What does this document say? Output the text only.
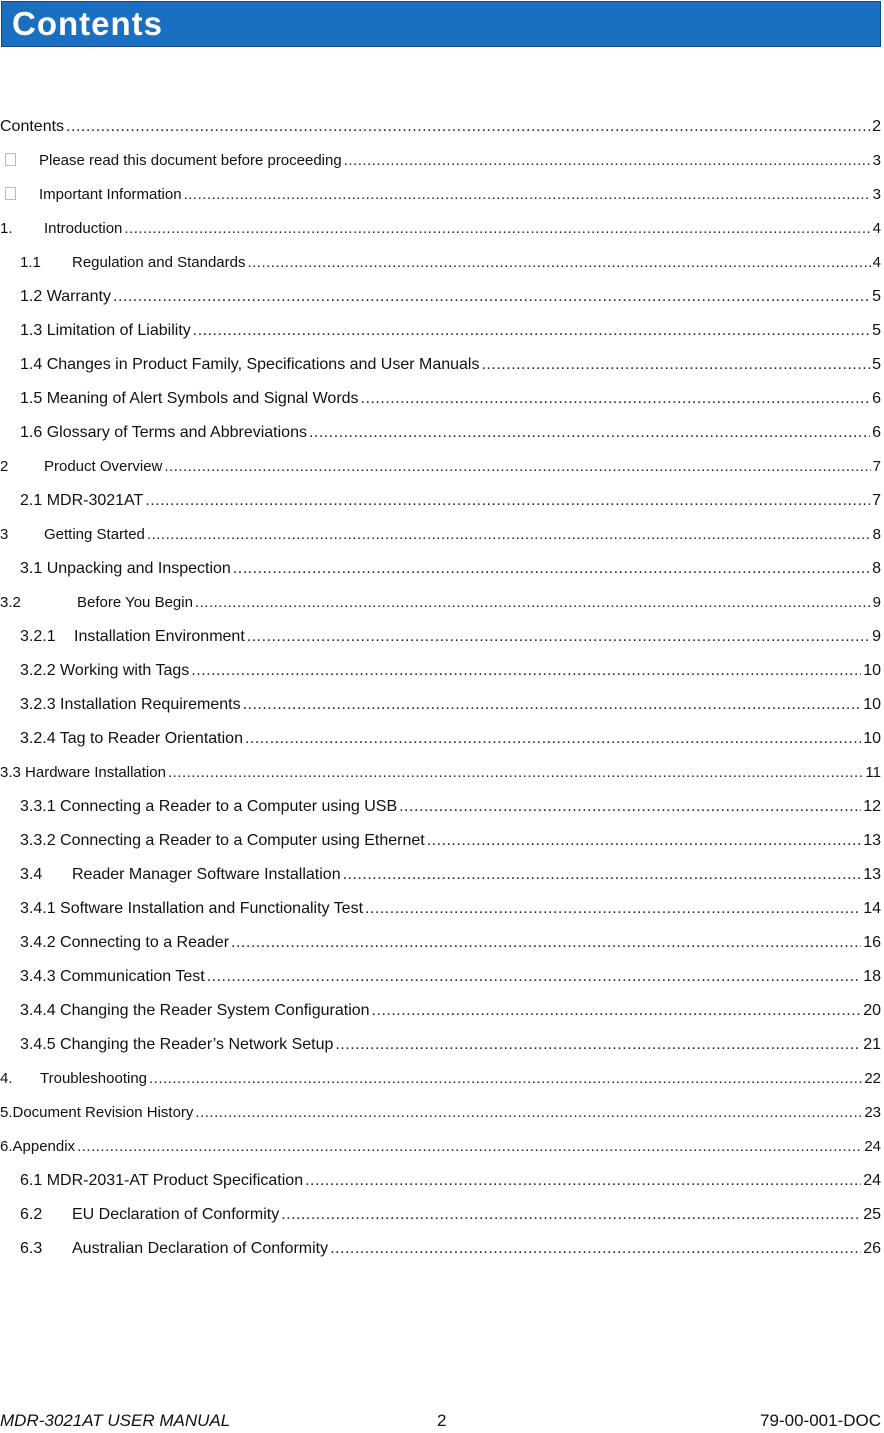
Contents
Contents .....	2
Please read this document before proceeding .....	3
Important Information .....	3
1.	Introduction .....	4
1.1	Regulation and Standards .....	4
1.2 Warranty .....	5
1.3 Limitation of Liability .....	5
1.4 Changes in Product Family, Specifications and User Manuals .....	5
1.5 Meaning of Alert Symbols and Signal Words .....	6
1.6 Glossary of Terms and Abbreviations .....	6
2	Product Overview .....	7
2.1 MDR-3021AT .....	7
3	Getting Started .....	8
3.1 Unpacking and Inspection .....	8
3.2	Before You Begin .....	9
3.2.1	Installation Environment .....	9
3.2.2 Working with Tags .....	10
3.2.3 Installation Requirements .....	10
3.2.4 Tag to Reader Orientation .....	10
3.3 Hardware Installation .....	11
3.3.1 Connecting a Reader to a Computer using USB .....	12
3.3.2 Connecting a Reader to a Computer using Ethernet .....	13
3.4	Reader Manager Software Installation .....	13
3.4.1 Software Installation and Functionality Test .....	14
3.4.2 Connecting to a Reader .....	16
3.4.3 Communication Test .....	18
3.4.4 Changing the Reader System Configuration .....	20
3.4.5 Changing the Reader’s Network Setup .....	21
4.	Troubleshooting .....	22
5.Document Revision History .....	23
6.Appendix .....	24
6.1 MDR-2031-AT Product Specification .....	24
6.2	EU Declaration of Conformity .....	25
6.3	Australian Declaration of Conformity .....	26
MDR-3021AT USER MANUAL	2	79-00-001-DOC
